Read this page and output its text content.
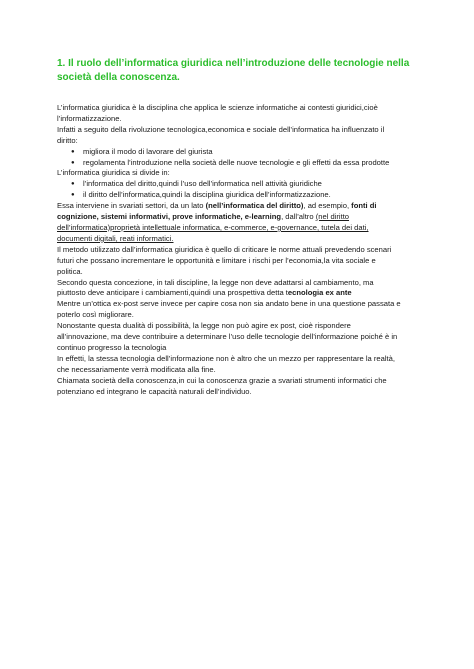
1. Il ruolo dell’informatica giuridica nell’introduzione delle tecnologie nella
società della conoscenza.
L’informatica giuridica è la disciplina che applica le scienze informatiche ai contesti giuridici,cioè
l’informatizzazione.
Infatti a seguito della rivoluzione tecnologica,economica e sociale dell’informatica ha influenzato il
diritto:
● migliora il modo di lavorare del giurista
● regolamenta l’introduzione nella società delle nuove tecnologie e gli effetti da essa prodotte
L’informatica giuridica si divide in:
● l’informatica del diritto,quindi l’uso dell’informatica nell attività giuridiche
● il diritto dell’informatica,quindi la disciplina giuridica dell’informatizzazione.
Essa interviene in svariati settori, da un lato (nell’informatica del diritto), ad esempio, fonti di
cognizione, sistemi informativi, prove informatiche, e-learning, dall’altro (nel diritto
dell’informatica)proprietà intellettuale informatica, e-commerce, e-governance, tutela dei dati,
documenti digitali, reati informatici.
Il metodo utilizzato dall’informatica giuridica è quello di criticare le norme attuali prevedendo scenari
futuri che possano incrementare le opportunità e limitare i rischi per l’economia,la vita sociale e
politica.
Secondo questa concezione, in tali discipline, la legge non deve adattarsi al cambiamento, ma
piuttosto deve anticipare i cambiamenti,quindi una prospettiva detta tecnologia ex ante
Mentre un’ottica ex-post serve invece per capire cosa non sia andato bene in una questione passata e
poterlo così migliorare.
Nonostante questa dualità di possibilità, la legge non può agire ex post, cioè rispondere
all’innovazione, ma deve contribuire a determinare l’uso delle tecnologie dell’informazione poiché è in
continuo progresso la tecnologia
In effetti, la stessa tecnologia dell’informazione non è altro che un mezzo per rappresentare la realtà,
che necessariamente verrà modificata alla fine.
Chiamata società della conoscenza,in cui la conoscenza grazie a svariati strumenti informatici che
potenziano ed integrano le capacità naturali dell’individuo.
